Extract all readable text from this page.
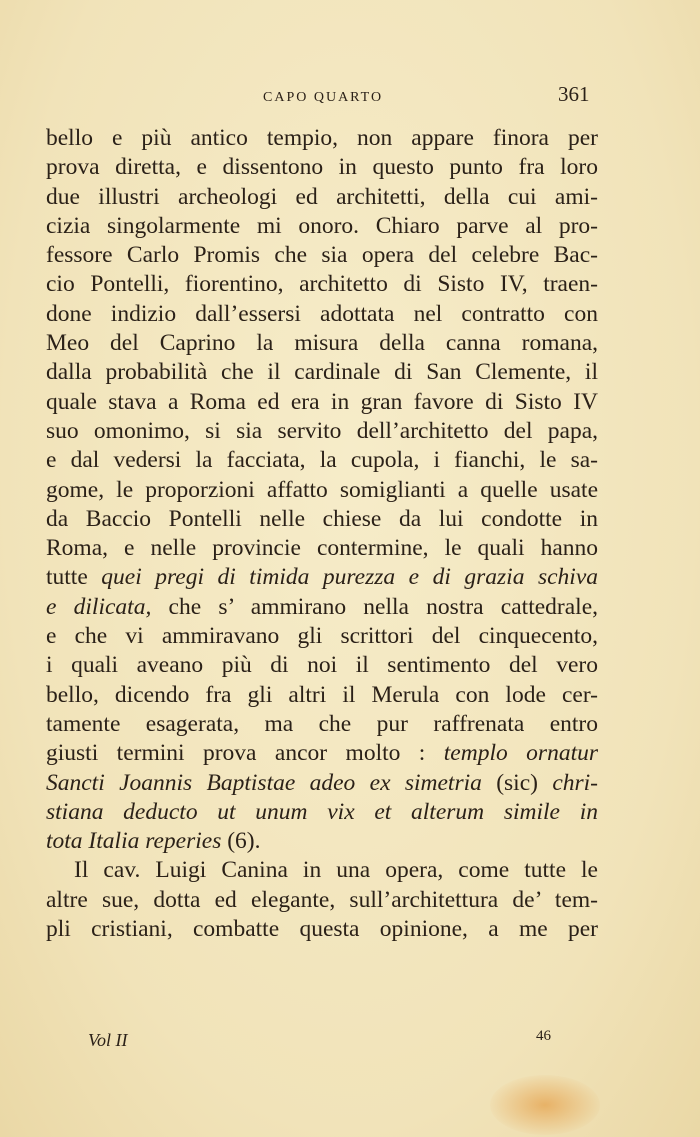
CAPO QUARTO	361
bello e più antico tempio, non appare finora per
prova diretta, e dissentono in questo punto fra loro
due illustri archeologi ed architetti, della cui ami-
cizia singolarmente mi onoro. Chiaro parve al pro-
fessore Carlo Promis che sia opera del celebre Bac-
cio Pontelli, fiorentino, architetto di Sisto IV, traen-
done indizio dall’essersi adottata nel contratto con
Meo del Caprino la misura della canna romana,
dalla probabilità che il cardinale di San Clemente, il
quale stava a Roma ed era in gran favore di Sisto IV
suo omonimo, si sia servito dell’architetto del papa,
e dal vedersi la facciata, la cupola, i fianchi, le sa-
gome, le proporzioni affatto somiglianti a quelle usate
da Baccio Pontelli nelle chiese da lui condotte in
Roma, e nelle provincie contermine, le quali hanno
tutte quei pregi di timida purezza e di grazia schiva
e dilicata, che s’ ammirano nella nostra cattedrale,
e che vi ammiravano gli scrittori del cinquecento,
i quali aveano più di noi il sentimento del vero
bello, dicendo fra gli altri il Merula con lode cer-
tamente esagerata, ma che pur raffrenata entro
giusti termini prova ancor molto : templo ornatur
Sancti Joannis Baptistae adeo ex simetria (sic) chri-
stiana deducto ut unum vix et alterum simile in
tota Italia reperies (6).
Il cav. Luigi Canina in una opera, come tutte le
altre sue, dotta ed elegante, sull’architettura de’ tem-
pli cristiani, combatte questa opinione, a me per
Vol II	46
